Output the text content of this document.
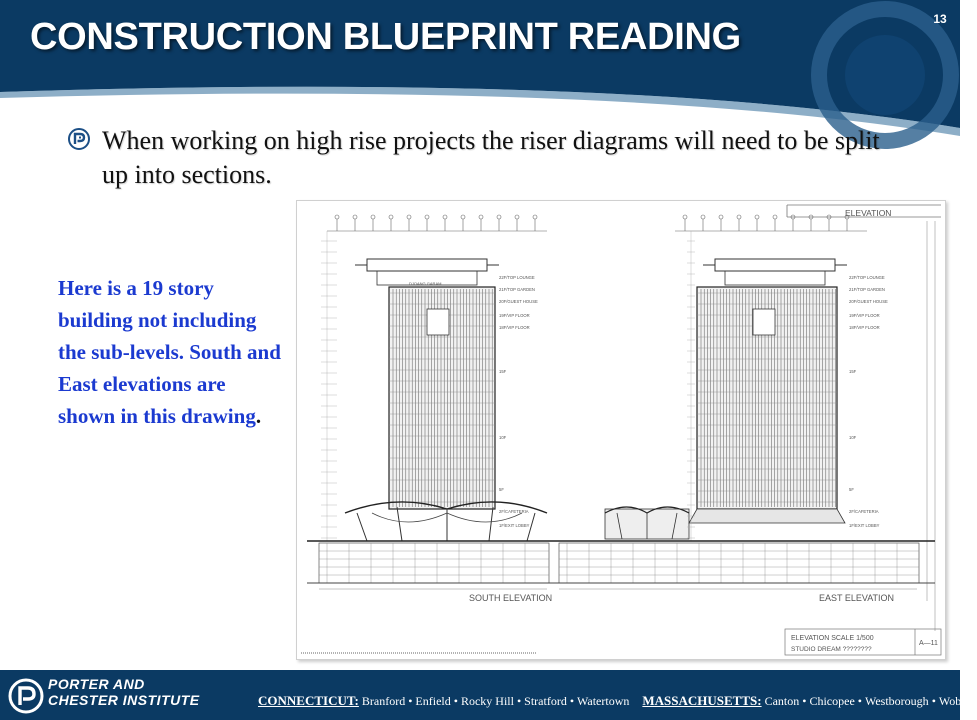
CONSTRUCTION BLUEPRINT READING	13

When working on high rise projects the riser diagrams will need to be split up into sections.

Here is a 19 story building not including the sub-levels. South and East elevations are shown in this drawing.

ELEVATION
DJOANG GARAM
22F/TOP LOUNGE
21F/TOP GARDEN
20F/GUEST HOUSE
19F/VIP FLOOR
18F/VIP FLOOR
15F
10F
5F
2F/CAFETERIA
1F/EXIT LOBBY
22F/TOP LOUNGE
21F/TOP GARDEN
20F/GUEST HOUSE
19F/VIP FLOOR
18F/VIP FLOOR
15F
10F
5F
2F/CAFETERIA
1F/EXIT LOBBY
SOUTH ELEVATION	EAST ELEVATION
ELEVATION SCALE 1/500
STUDIO DREAM ????????
A—11
PORTER AND
CHESTER INSTITUTE	CONNECTICUT: Branford • Enfield • Rocky Hill • Stratford • Watertown MASSACHUSETTS: Canton • Chicopee • Westborough • Woburn
